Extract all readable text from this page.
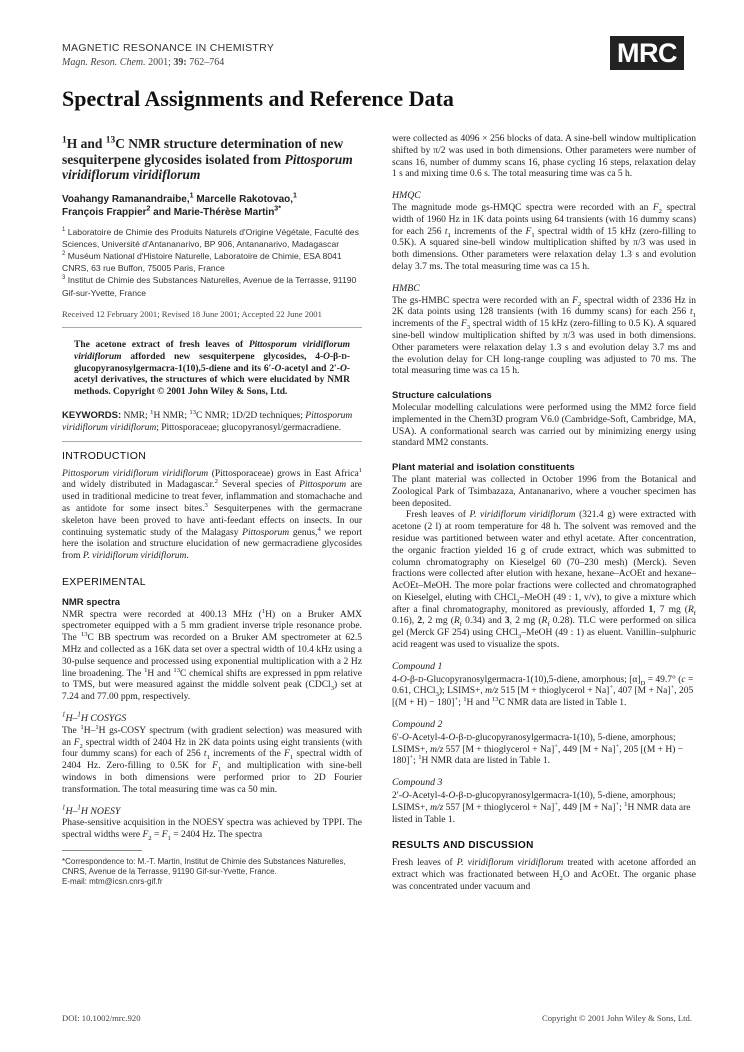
MAGNETIC RESONANCE IN CHEMISTRY
Magn. Reson. Chem. 2001; 39: 762–764	MRC
Spectral Assignments and Reference Data
$^1$H and $^{13}$C NMR structure determination of new sesquiterpene glycosides isolated from Pittosporum viridiflorum viridiflorum
Voahangy Ramanandraibe,$^1$ Marcelle Rakotovao,$^1$
François Frappier$^2$ and Marie-Thérèse Martin$^{3*}$
$^1$ Laboratoire de Chimie des Produits Naturels d'Origine Végétale, Faculté des Sciences, Université d'Antananarivo, BP 906, Antananarivo, Madagascar
$^2$ Muséum National d'Histoire Naturelle, Laboratoire de Chimie, ESA 8041 CNRS, 63 rue Buffon, 75005 Paris, France
$^3$ Institut de Chimie des Substances Naturelles, Avenue de la Terrasse, 91190 Gif-sur-Yvette, France
Received 12 February 2001; Revised 18 June 2001; Accepted 22 June 2001
The acetone extract of fresh leaves of Pittosporum viridiflorum viridiflorum afforded new sesquiterpene glycosides, 4-O-β-D-glucopyranosylgermacra-1(10),5-diene and its 6′-O-acetyl and 2′-O-acetyl derivatives, the structures of which were elucidated by NMR methods. Copyright © 2001 John Wiley & Sons, Ltd.
KEYWORDS: NMR; $^1$H NMR; $^{13}$C NMR; 1D/2D techniques; Pittosporum viridiflorum viridiflorum; Pittosporaceae; glucopyranosyl/germacradiene.
INTRODUCTION

Pittosporum viridiflorum viridiflorum (Pittosporaceae) grows in East Africa$^1$ and widely distributed in Madagascar.$^2$ Several species of Pittosporum are used in traditional medicine to treat fever, inflammation and stomachache and as antidote for some insect bites.$^3$ Sesquiterpenes with the germacrane skeleton have been proved to have anti-feedant effects on insects. In our continuing systematic study of the Malagasy Pittosporum genus,$^4$ we report here the isolation and structure elucidation of new germacradiene glycosides from P. viridiflorum viridiflorum.

EXPERIMENTAL
NMR spectra

NMR spectra were recorded at 400.13 MHz ($^1$H) on a Bruker AMX spectrometer equipped with a 5 mm gradient inverse triple resonance probe. The $^{13}$C BB spectrum was recorded on a Bruker AM spectrometer at 62.5 MHz and collected as a 16K data set over a spectral width of 10.4 kHz using a 30-pulse sequence and processed using exponential multiplication with a 2 Hz line broadening. The $^1$H and $^{13}$C chemical shifts are expressed in ppm relative to TMS, but were measured against the middle solvent peak (CDCl$_3$) set at 7.24 and 77.00 ppm, respectively.

$^1$H–$^1$H COSYGS

The $^1$H–$^1$H gs-COSY spectrum (with gradient selection) was measured with an $F_2$ spectral width of 2404 Hz in 2K data points using eight transients (with four dummy scans) for each of 256 $t_1$ increments of the $F_1$ spectral width of 2404 Hz. Zero-filling to 0.5K for $F_1$ and multiplication with sine-bell windows in both dimensions were performed prior to 2D Fourier transformation. The total measuring time was ca 50 min.

$^1$H–$^1$H NOESY

Phase-sensitive acquisition in the NOESY spectra was achieved by TPPI. The spectral widths were $F_2 = F_1 = 2404$ Hz. The spectra

*Correspondence to: M.-T. Martin, Institut de Chimie des Substances Naturelles, CNRS, Avenue de la Terrasse, 91190 Gif-sur-Yvette, France.
E-mail: mtm@icsn.cnrs-gif.fr

were collected as 4096 × 256 blocks of data. A sine-bell window multiplication shifted by π/2 was used in both dimensions. Other parameters were number of scans 16, number of dummy scans 16, phase cycling 16 steps, relaxation delay 1 s and mixing time 0.6 s. The total measuring time was ca 5 h.

HMQC

The magnitude mode gs-HMQC spectra were recorded with an $F_2$ spectral width of 1960 Hz in 1K data points using 64 transients (with 16 dummy scans) for each 256 $t_1$ increments of the $F_1$ spectral width of 15 kHz (zero-filling to 0.5K). A squared sine-bell window multiplication shifted by π/3 was used in both dimensions. Other parameters were relaxation delay 1.3 s and evolution delay 3.7 ms. The total measuring time was ca 15 h.

HMBC

The gs-HMBC spectra were recorded with an $F_2$ spectral width of 2336 Hz in 2K data points using 128 transients (with 16 dummy scans) for each 256 $t_1$ increments of the $F_3$ spectral width of 15 kHz (zero-filling to 0.5 K). A squared sine-bell window multiplication shifted by π/3 was used in both dimensions. Other parameters were relaxation delay 1.3 s and evolution delay 3.7 ms and the evolution delay for CH long-range coupling was adjusted to 70 ms. The total measuring time was ca 15 h.

Structure calculations

Molecular modelling calculations were performed using the MM2 force field implemented in the Chem3D program V6.0 (Cambridge-Soft, Cambridge, MA, USA). A conformational search was carried out by minimizing energy using standard MM2 constants.

Plant material and isolation constituents

The plant material was collected in October 1996 from the Botanical and Zoological Park of Tsimbazaza, Antananarivo, where a voucher specimen has been deposited.

Fresh leaves of P. viridiflorum viridiflorum (321.4 g) were extracted with acetone (2 l) at room temperature for 48 h. The solvent was removed and the residue was partitioned between water and ethyl acetate. After concentration, the organic fraction yielded 16 g of crude extract, which was submitted to column chromatography on Kieselgel 60 (70–230 mesh) (Merck). Seven fractions were collected after elution with hexane, hexane–AcOEt and hexane–AcOEt–MeOH. The more polar fractions were collected and chromatographed on Kieselgel, eluting with CHCl$_3$–MeOH (49 : 1, v/v), to give a mixture which after a final chromatography, monitored as previously, afforded 1, 7 mg ($R_f$ 0.16), 2, 2 mg ($R_f$ 0.34) and 3, 2 mg ($R_f$ 0.28). TLC were performed on silica gel (Merck GF 254) using CHCl$_3$–MeOH (49 : 1) as eluent. Vanillin–sulphuric acid reagent was used to visualize the spots.

Compound 1

4-O-β-D-Glucopyranosylgermacra-1(10),5-diene, amorphous; $[\alpha]_D = 49.7^\circ$ (c = 0.61, CHCl$_3$); LSIMS+, m/z 515 [M + thioglycerol + Na]+, 407 [M + Na]+, 205 [(M + H) − 180]+; $^1$H and $^{13}$C NMR data are listed in Table 1.

Compound 2

6′-O-Acetyl-4-O-β-D-glucopyranosylgermacra-1(10), 5-diene, amorphous; LSIMS+, m/z 557 [M + thioglycerol + Na]+, 449 [M + Na]+, 205 [(M + H) − 180]+; $^1$H NMR data are listed in Table 1.

Compound 3

2′-O-Acetyl-4-O-β-D-glucopyranosylgermacra-1(10), 5-diene, amorphous; LSIMS+, m/z 557 [M + thioglycerol + Na]+, 449 [M + Na]+; $^1$H NMR data are listed in Table 1.

RESULTS AND DISCUSSION

Fresh leaves of P. viridiflorum viridiflorum treated with acetone afforded an extract which was fractionated between $H_2O$ and AcOEt. The organic phase was concentrated under vacuum and

DOI: 10.1002/mrc.920	Copyright © 2001 John Wiley & Sons, Ltd.
